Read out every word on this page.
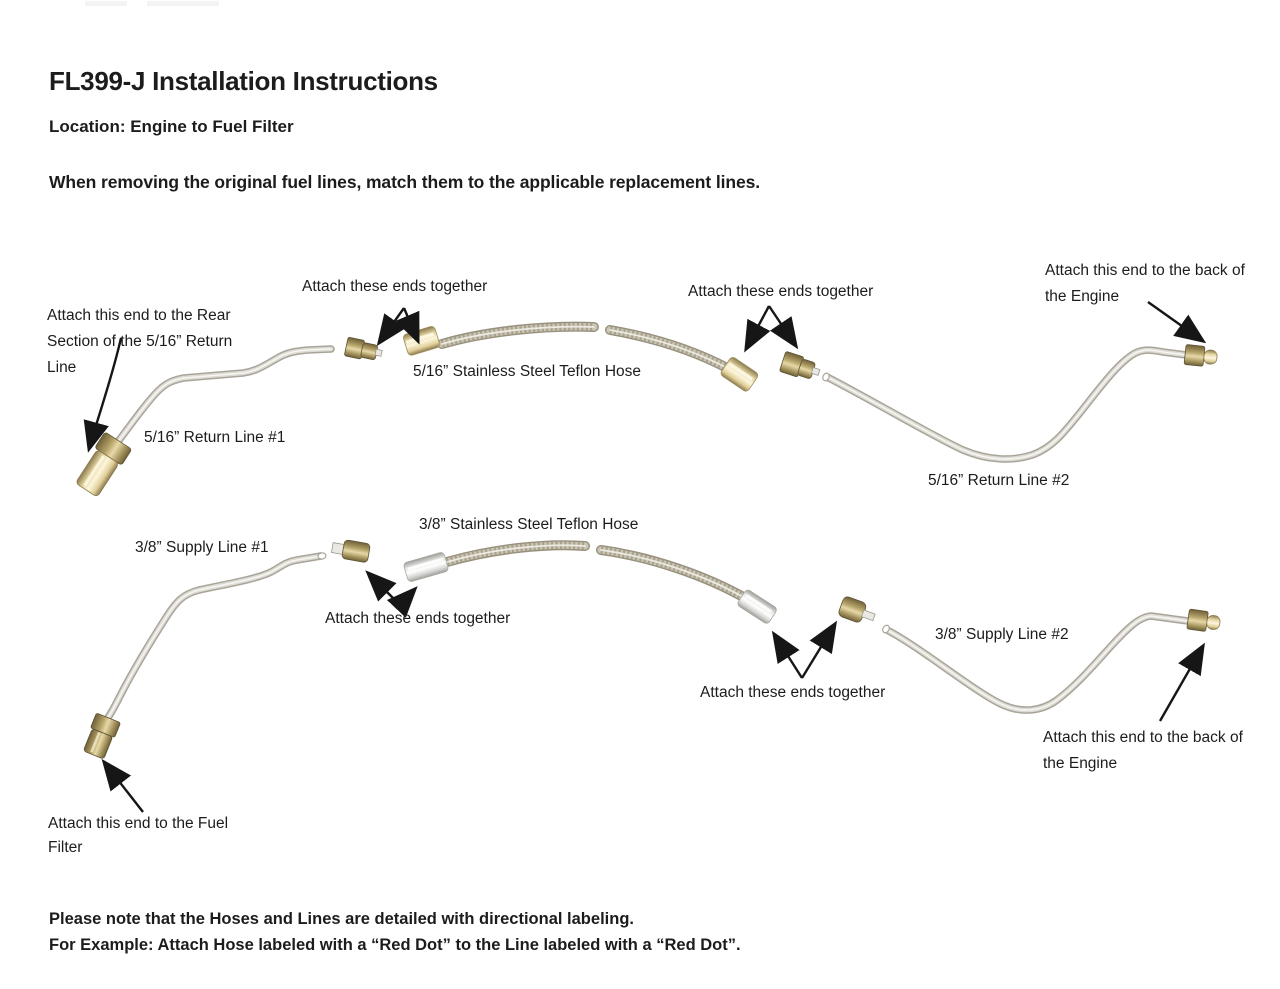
FL399-J Installation Instructions
Location: Engine to Fuel Filter
When removing the original fuel lines, match them to the applicable replacement lines.
Attach this end to the Rear
Section of the 5/16” Return
Line
Attach these ends together
5/16” Stainless Steel Teflon Hose
5/16” Return Line #1
Attach these ends together
Attach this end to the back of
the Engine
5/16” Return Line #2
3/8” Stainless Steel Teflon Hose
3/8” Supply Line #1
Attach these ends together
3/8” Supply Line #2
Attach these ends together
Attach this end to the back of
the Engine
Attach this end to the Fuel
Filter
Please note that the Hoses and Lines are detailed with directional labeling.
For Example: Attach Hose labeled with a “Red Dot” to the Line labeled with a “Red Dot”.
